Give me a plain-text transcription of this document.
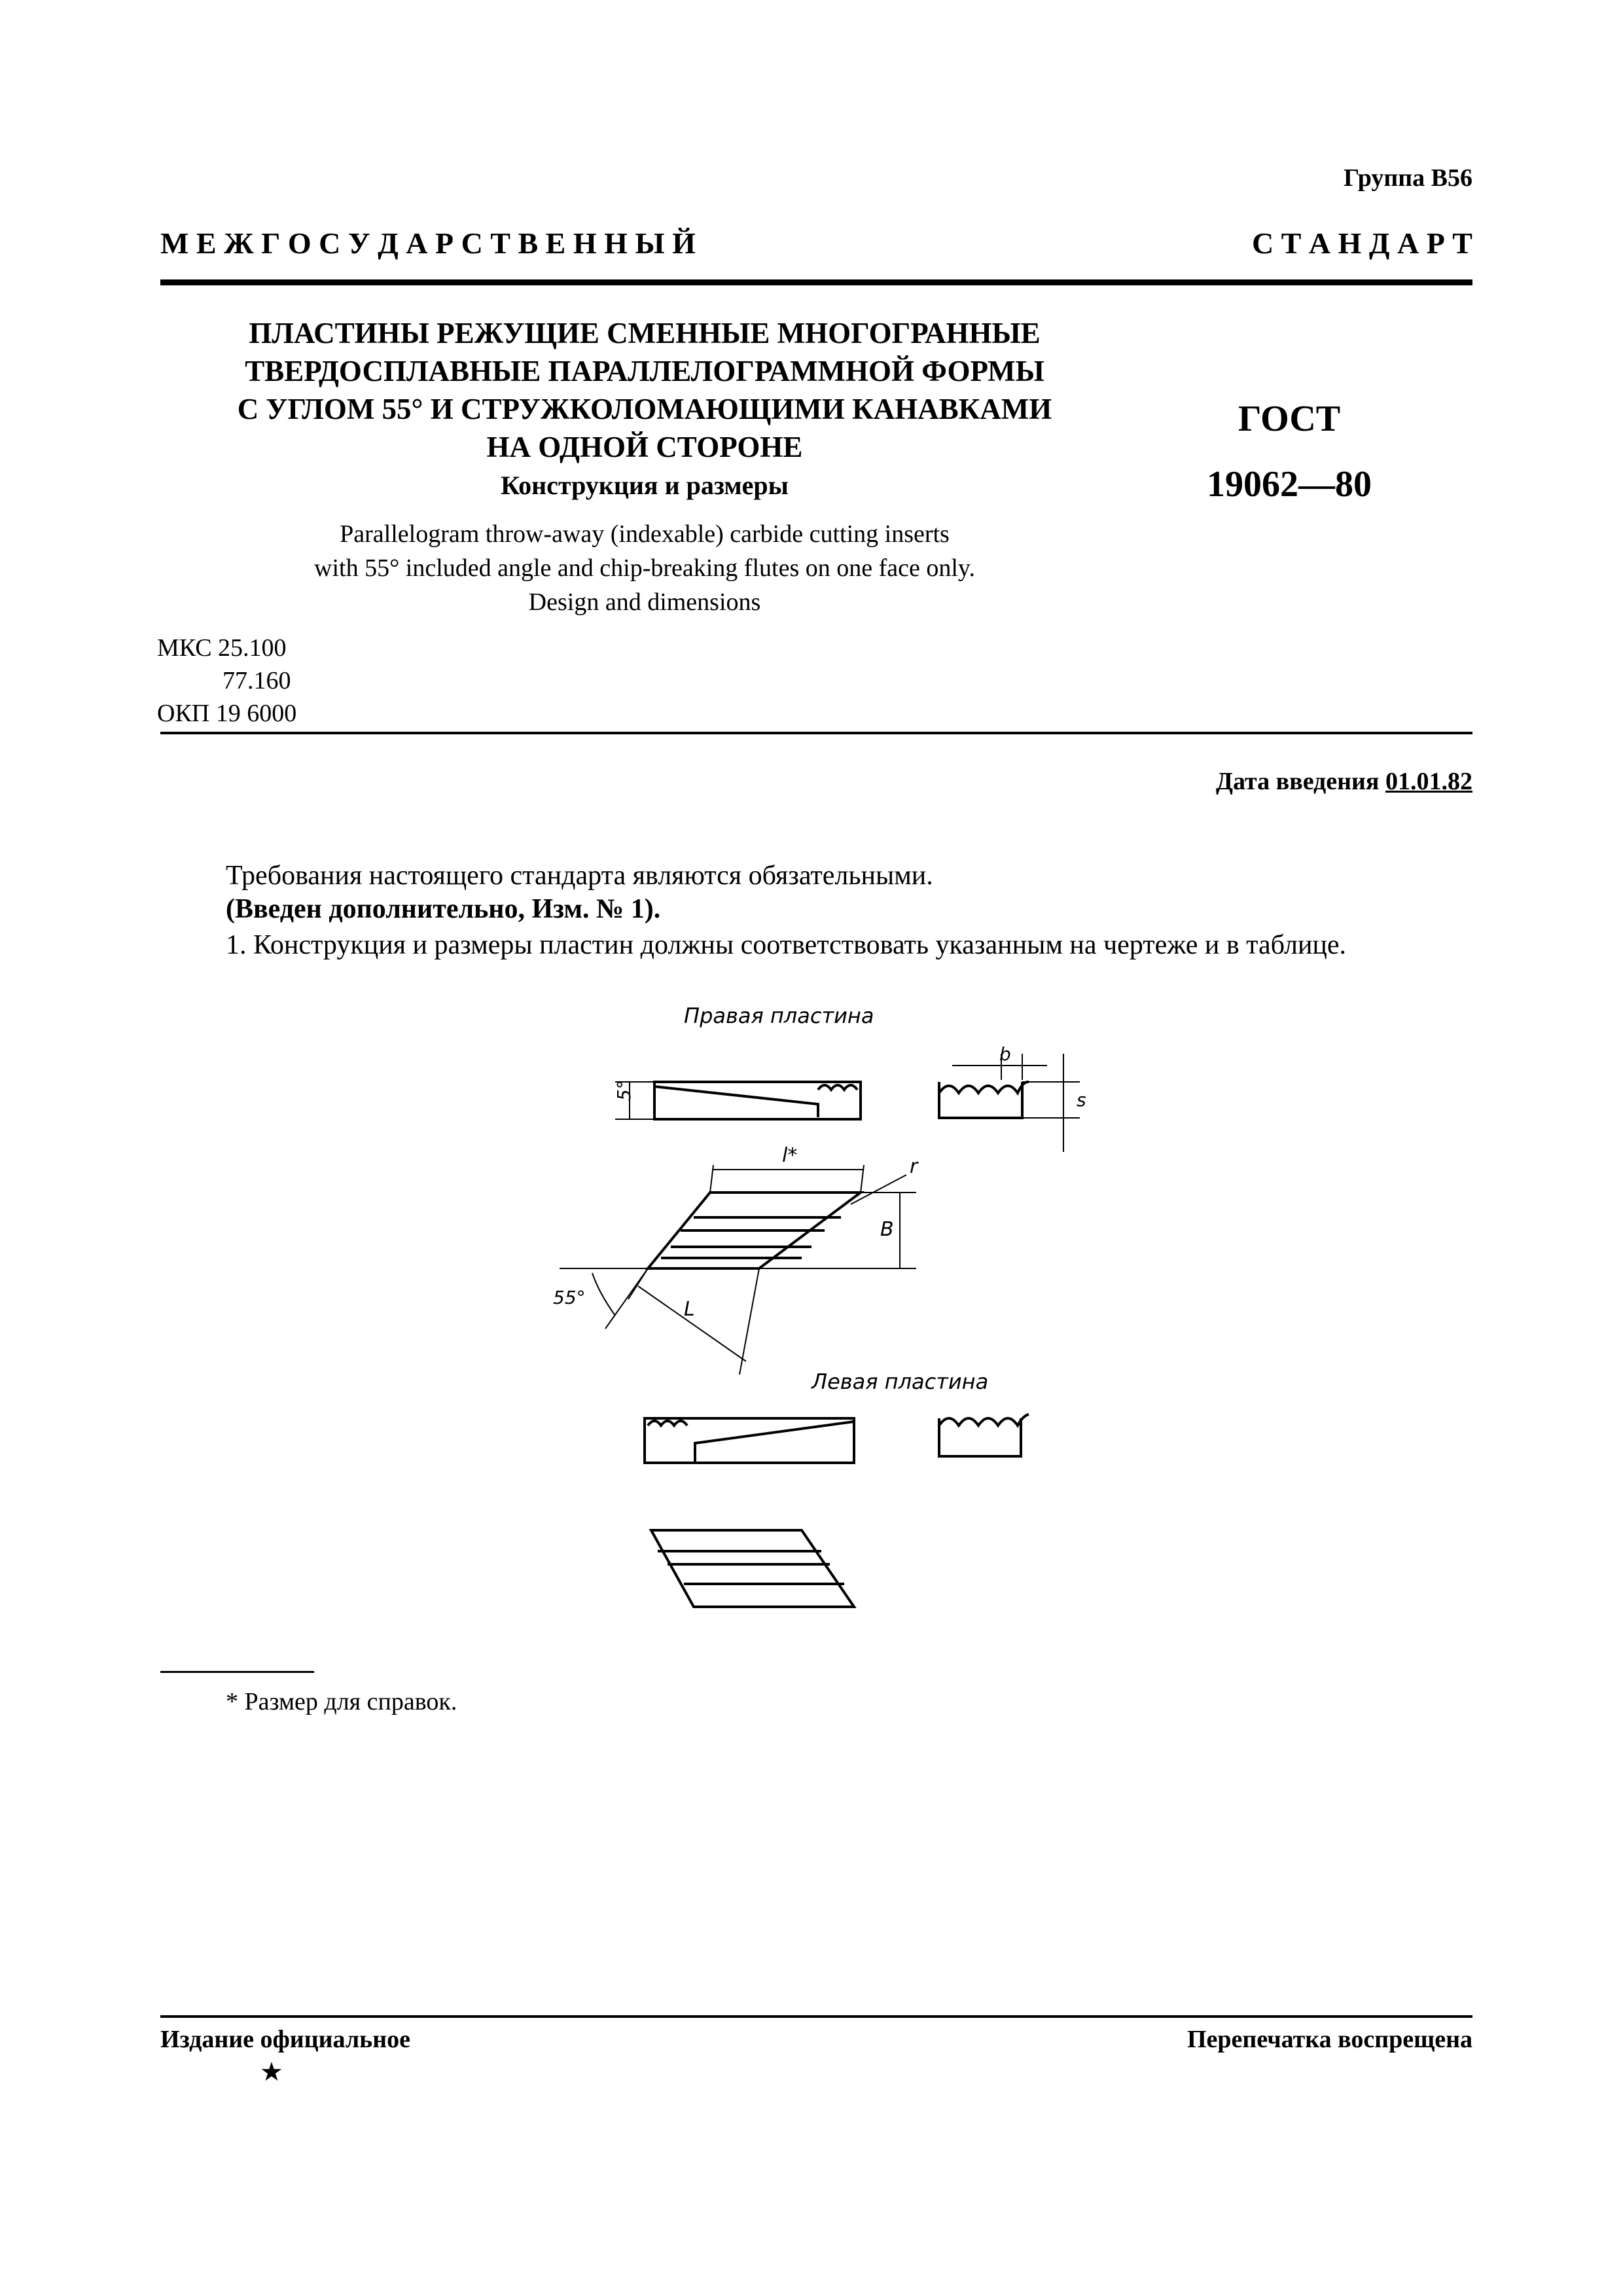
Группа В56
М Е Ж Г О С У Д А Р С Т В Е Н Н Ы Й	С Т А Н Д А Р Т
ПЛАСТИНЫ РЕЖУЩИЕ СМЕННЫЕ МНОГОГРАННЫЕ
ТВЕРДОСПЛАВНЫЕ ПАРАЛЛЕЛОГРАММНОЙ ФОРМЫ
С УГЛОМ 55° И СТРУЖКОЛОМАЮЩИМИ КАНАВКАМИ
НА ОДНОЙ СТОРОНЕ
Конструкция и размеры
Parallelogram throw-away (indexable) carbide cutting inserts
with 55° included angle and chip-breaking flutes on one face only.
Design and dimensions
ГОСТ
19062—80
МКС 25.100
77.160
ОКП 19 6000
Дата введения 01.01.82
Требования настоящего стандарта являются обязательными.
(Введен дополнительно, Изм. № 1).
1. Конструкция и размеры пластин должны соответствовать указанным на чертеже и в таблице.
Правая пластина
Левая пластина
5°
b
s
l*	r
B
55°
L
* Размер для справок.
Издание официальное
★
Перепечатка воспрещена
